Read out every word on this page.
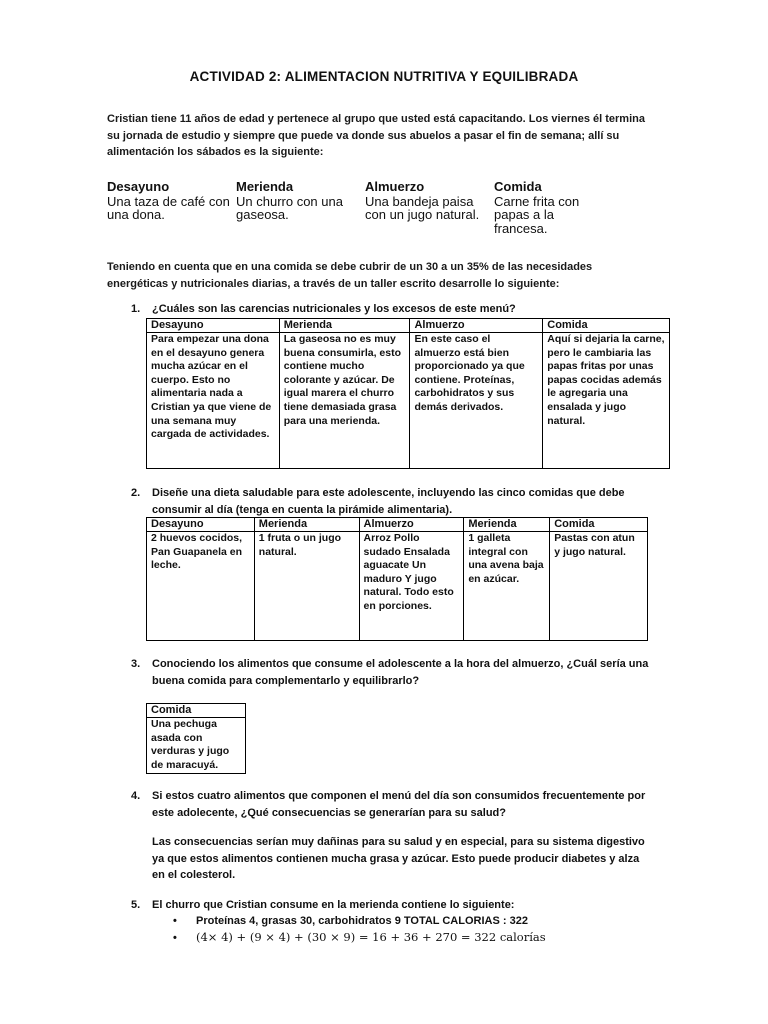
ACTIVIDAD 2: ALIMENTACION NUTRITIVA Y EQUILIBRADA
Cristian tiene 11 años de edad y pertenece al grupo que usted está capacitando. Los viernes él termina su jornada de estudio y siempre que puede va donde sus abuelos a pasar el fin de semana; allí su alimentación los sábados es la siguiente:
Desayuno
Una taza de café con una dona.
Merienda
Un churro con una gaseosa.
Almuerzo
Una bandeja paisa con un jugo natural.
Comida
Carne frita con papas a la francesa.
Teniendo en cuenta que en una comida se debe cubrir de un 30 a un 35% de las necesidades energéticas y nutricionales diarias, a través de un taller escrito desarrolle lo siguiente:
1. ¿Cuáles son las carencias nutricionales y los excesos de este menú?
Desayuno	Merienda	Almuerzo	Comida
Para empezar una dona en el desayuno genera mucha azúcar en el cuerpo. Esto no alimentaria nada a Cristian ya que viene de una semana muy cargada de actividades.	La gaseosa no es muy buena consumirla, esto contiene mucho colorante y azúcar. De igual marera el churro tiene demasiada grasa para una merienda.	En este caso el almuerzo está bien proporcionado ya que contiene. Proteínas, carbohidratos y sus demás derivados.	Aquí si dejaria la carne, pero le cambiaria las papas fritas por unas papas cocidas además le agregaria una ensalada y jugo natural.
2. Diseñe una dieta saludable para este adolescente, incluyendo las cinco comidas que debe consumir al día (tenga en cuenta la pirámide alimentaria).
Desayuno	Merienda	Almuerzo	Merienda	Comida
2 huevos cocidos, Pan Guapanela en leche.	1 fruta o un jugo natural.	Arroz Pollo sudado Ensalada aguacate Un maduro Y jugo natural. Todo esto en porciones.	1 galleta integral con una avena baja en azúcar.	Pastas con atun y jugo natural.
3. Conociendo los alimentos que consume el adolescente a la hora del almuerzo, ¿Cuál sería una buena comida para complementarlo y equilibrarlo?
Comida
Una pechuga asada con verduras y jugo de maracuyá.
4. Si estos cuatro alimentos que componen el menú del día son consumidos frecuentemente por este adolecente, ¿Qué consecuencias se generarían para su salud?
Las consecuencias serían muy dañinas para su salud y en especial, para su sistema digestivo ya que estos alimentos contienen mucha grasa y azúcar. Esto puede producir diabetes y alza en el colesterol.
5. El churro que Cristian consume en la merienda contiene lo siguiente:
• Proteínas 4, grasas 30, carbohidratos 9 TOTAL CALORIAS : 322
• (4× 4) + (9 × 4) + (30 × 9) = 16 + 36 + 270 = 322 calorías
